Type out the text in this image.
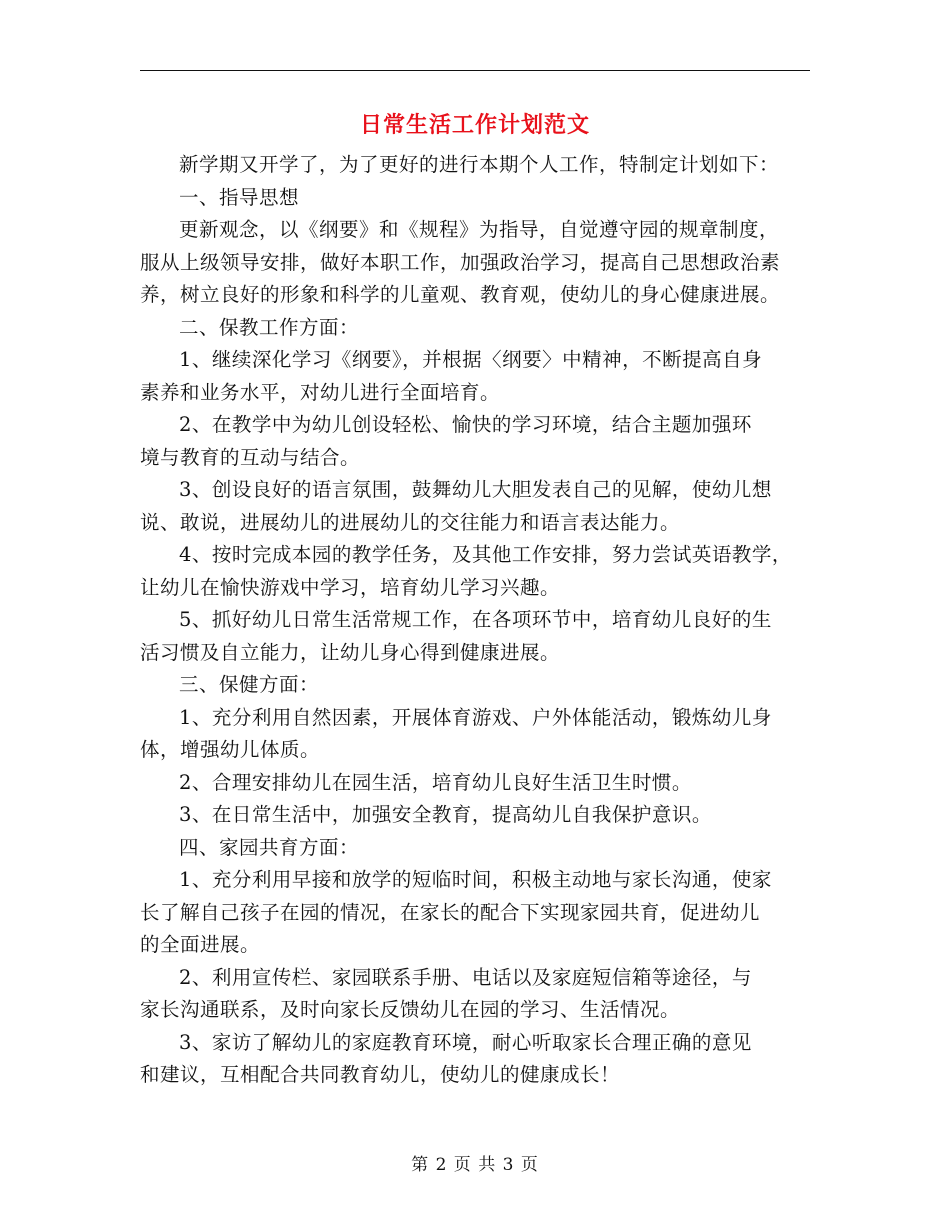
日常生活工作计划范文

新学期又开学了，为了更好的进行本期个人工作，特制定计划如下：

一、指导思想

更新观念，以《纲要》和《规程》为指导，自觉遵守园的规章制度，
服从上级领导安排，做好本职工作，加强政治学习，提高自己思想政治素
养，树立良好的形象和科学的儿童观、教育观，使幼儿的身心健康进展。

二、保教工作方面：

1、继续深化学习《纲要》，并根据〈纲要〉中精神，不断提高自身
素养和业务水平，对幼儿进行全面培育。

2、在教学中为幼儿创设轻松、愉快的学习环境，结合主题加强环
境与教育的互动与结合。

3、创设良好的语言氛围，鼓舞幼儿大胆发表自己的见解，使幼儿想
说、敢说，进展幼儿的进展幼儿的交往能力和语言表达能力。

4、按时完成本园的教学任务，及其他工作安排，努力尝试英语教学，
让幼儿在愉快游戏中学习，培育幼儿学习兴趣。

5、抓好幼儿日常生活常规工作，在各项环节中，培育幼儿良好的生
活习惯及自立能力，让幼儿身心得到健康进展。

三、保健方面：

1、充分利用自然因素，开展体育游戏、户外体能活动，锻炼幼儿身
体，增强幼儿体质。

2、合理安排幼儿在园生活，培育幼儿良好生活卫生时惯。

3、在日常生活中，加强安全教育，提高幼儿自我保护意识。

四、家园共育方面：

1、充分利用早接和放学的短临时间，积极主动地与家长沟通，使家
长了解自己孩子在园的情况，在家长的配合下实现家园共育，促进幼儿
的全面进展。

2、利用宣传栏、家园联系手册、电话以及家庭短信箱等途径，与
家长沟通联系，及时向家长反馈幼儿在园的学习、生活情况。

3、家访了解幼儿的家庭教育环境，耐心听取家长合理正确的意见
和建议，互相配合共同教育幼儿，使幼儿的健康成长！

第 2 页 共 3 页
